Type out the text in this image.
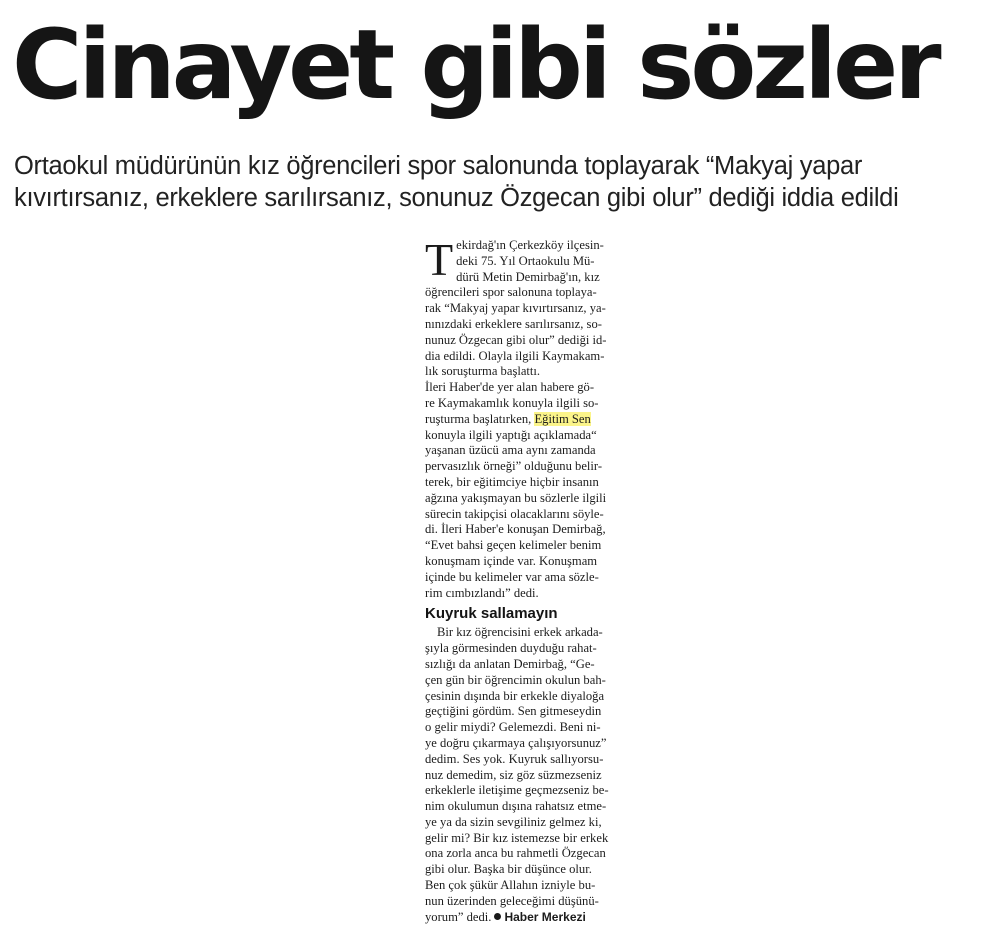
Cinayet gibi sözler
Ortaokul müdürünün kız öğrencileri spor salonunda toplayarak “Makyaj yapar
kıvırtırsanız, erkeklere sarılırsanız, sonunuz Özgecan gibi olur” dediği iddia edildi
T ekirdağ'ın Çerkezköy ilçesin-
deki 75. Yıl Ortaokulu Mü-
dürü Metin Demirbağ'ın, kız
öğrencileri spor salonuna toplaya-
rak “Makyaj yapar kıvırtırsanız, ya-
nınızdaki erkeklere sarılırsanız, so-
nunuz Özgecan gibi olur” dediği id-
dia edildi. Olayla ilgili Kaymakam-
lık soruşturma başlattı.
İleri Haber'de yer alan habere gö-
re Kaymakamlık konuyla ilgili so-
ruşturma başlatırken, Eğitim Sen
konuyla ilgili yaptığı açıklamada“
yaşanan üzücü ama aynı zamanda
pervasızlık örneği” olduğunu belir-
terek, bir eğitimciye hiçbir insanın
ağzına yakışmayan bu sözlerle ilgili
sürecin takipçisi olacaklarını söyle-
di. İleri Haber'e konuşan Demirbağ,
“Evet bahsi geçen kelimeler benim
konuşmam içinde var. Konuşmam
içinde bu kelimeler var ama sözle-
rim cımbızlandı” dedi.
Kuyruk sallamayın
Bir kız öğrencisini erkek arkada-
şıyla görmesinden duyduğu rahat-
sızlığı da anlatan Demirbağ, “Ge-
çen gün bir öğrencimin okulun bah-
çesinin dışında bir erkekle diyaloğa
geçtiğini gördüm. Sen gitmeseydin
o gelir miydi? Gelemezdi. Beni ni-
ye doğru çıkarmaya çalışıyorsunuz”
dedim. Ses yok. Kuyruk sallıyorsu-
nuz demedim, siz göz süzmezseniz
erkeklerle iletişime geçmezseniz be-
nim okulumun dışına rahatsız etme-
ye ya da sizin sevgiliniz gelmez ki,
gelir mi? Bir kız istemezse bir erkek
ona zorla anca bu rahmetli Özgecan
gibi olur. Başka bir düşünce olur.
Ben çok şükür Allahın izniyle bu-
nun üzerinden geleceğimi düşünü-
yorum” dedi. Haber Merkezi
